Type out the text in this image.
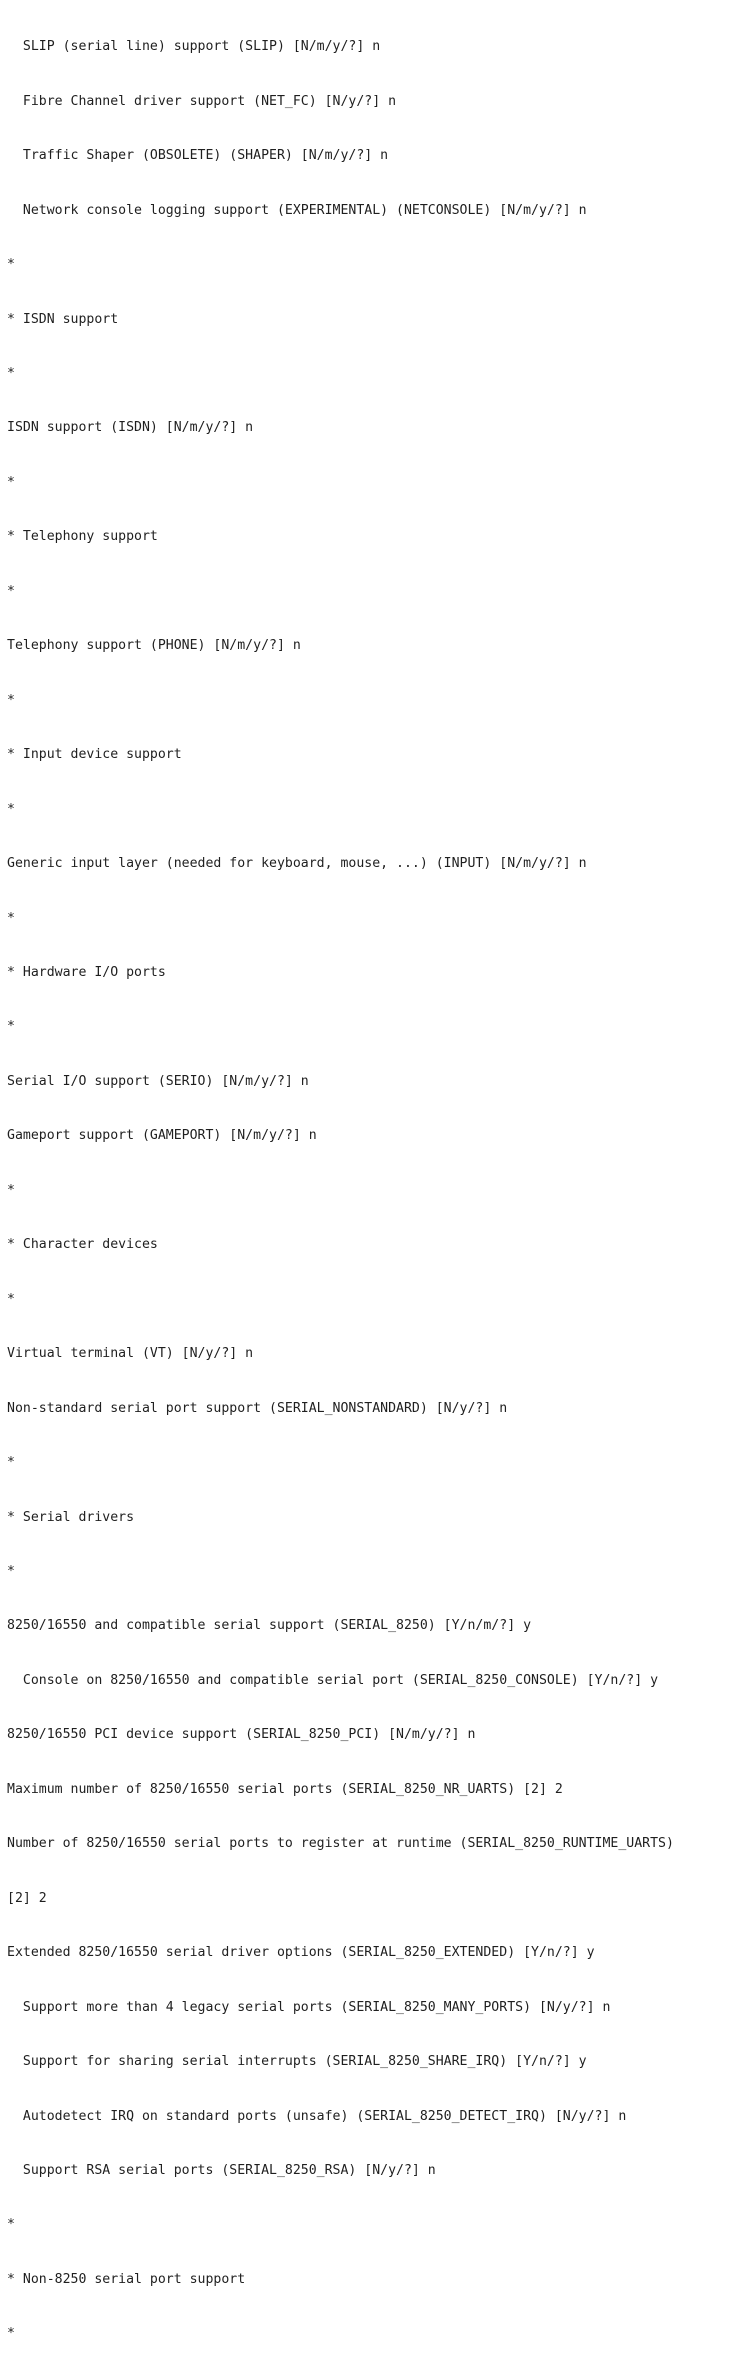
SLIP (serial line) support (SLIP) [N/m/y/?] n

Fibre Channel driver support (NET_FC) [N/y/?] n

Traffic Shaper (OBSOLETE) (SHAPER) [N/m/y/?] n

Network console logging support (EXPERIMENTAL) (NETCONSOLE) [N/m/y/?] n

*

* ISDN support

*

ISDN support (ISDN) [N/m/y/?] n

*

* Telephony support

*

Telephony support (PHONE) [N/m/y/?] n

*

* Input device support

*

Generic input layer (needed for keyboard, mouse, ...) (INPUT) [N/m/y/?] n

*

* Hardware I/O ports

*

Serial I/O support (SERIO) [N/m/y/?] n

Gameport support (GAMEPORT) [N/m/y/?] n

*

* Character devices

*

Virtual terminal (VT) [N/y/?] n

Non-standard serial port support (SERIAL_NONSTANDARD) [N/y/?] n

*

* Serial drivers

*

8250/16550 and compatible serial support (SERIAL_8250) [Y/n/m/?] y

Console on 8250/16550 and compatible serial port (SERIAL_8250_CONSOLE) [Y/n/?] y

8250/16550 PCI device support (SERIAL_8250_PCI) [N/m/y/?] n

Maximum number of 8250/16550 serial ports (SERIAL_8250_NR_UARTS) [2] 2

Number of 8250/16550 serial ports to register at runtime (SERIAL_8250_RUNTIME_UARTS)

[2] 2

Extended 8250/16550 serial driver options (SERIAL_8250_EXTENDED) [Y/n/?] y

Support more than 4 legacy serial ports (SERIAL_8250_MANY_PORTS) [N/y/?] n

Support for sharing serial interrupts (SERIAL_8250_SHARE_IRQ) [Y/n/?] y

Autodetect IRQ on standard ports (unsafe) (SERIAL_8250_DETECT_IRQ) [N/y/?] n

Support RSA serial ports (SERIAL_8250_RSA) [N/y/?] n

*

* Non-8250 serial port support

*
